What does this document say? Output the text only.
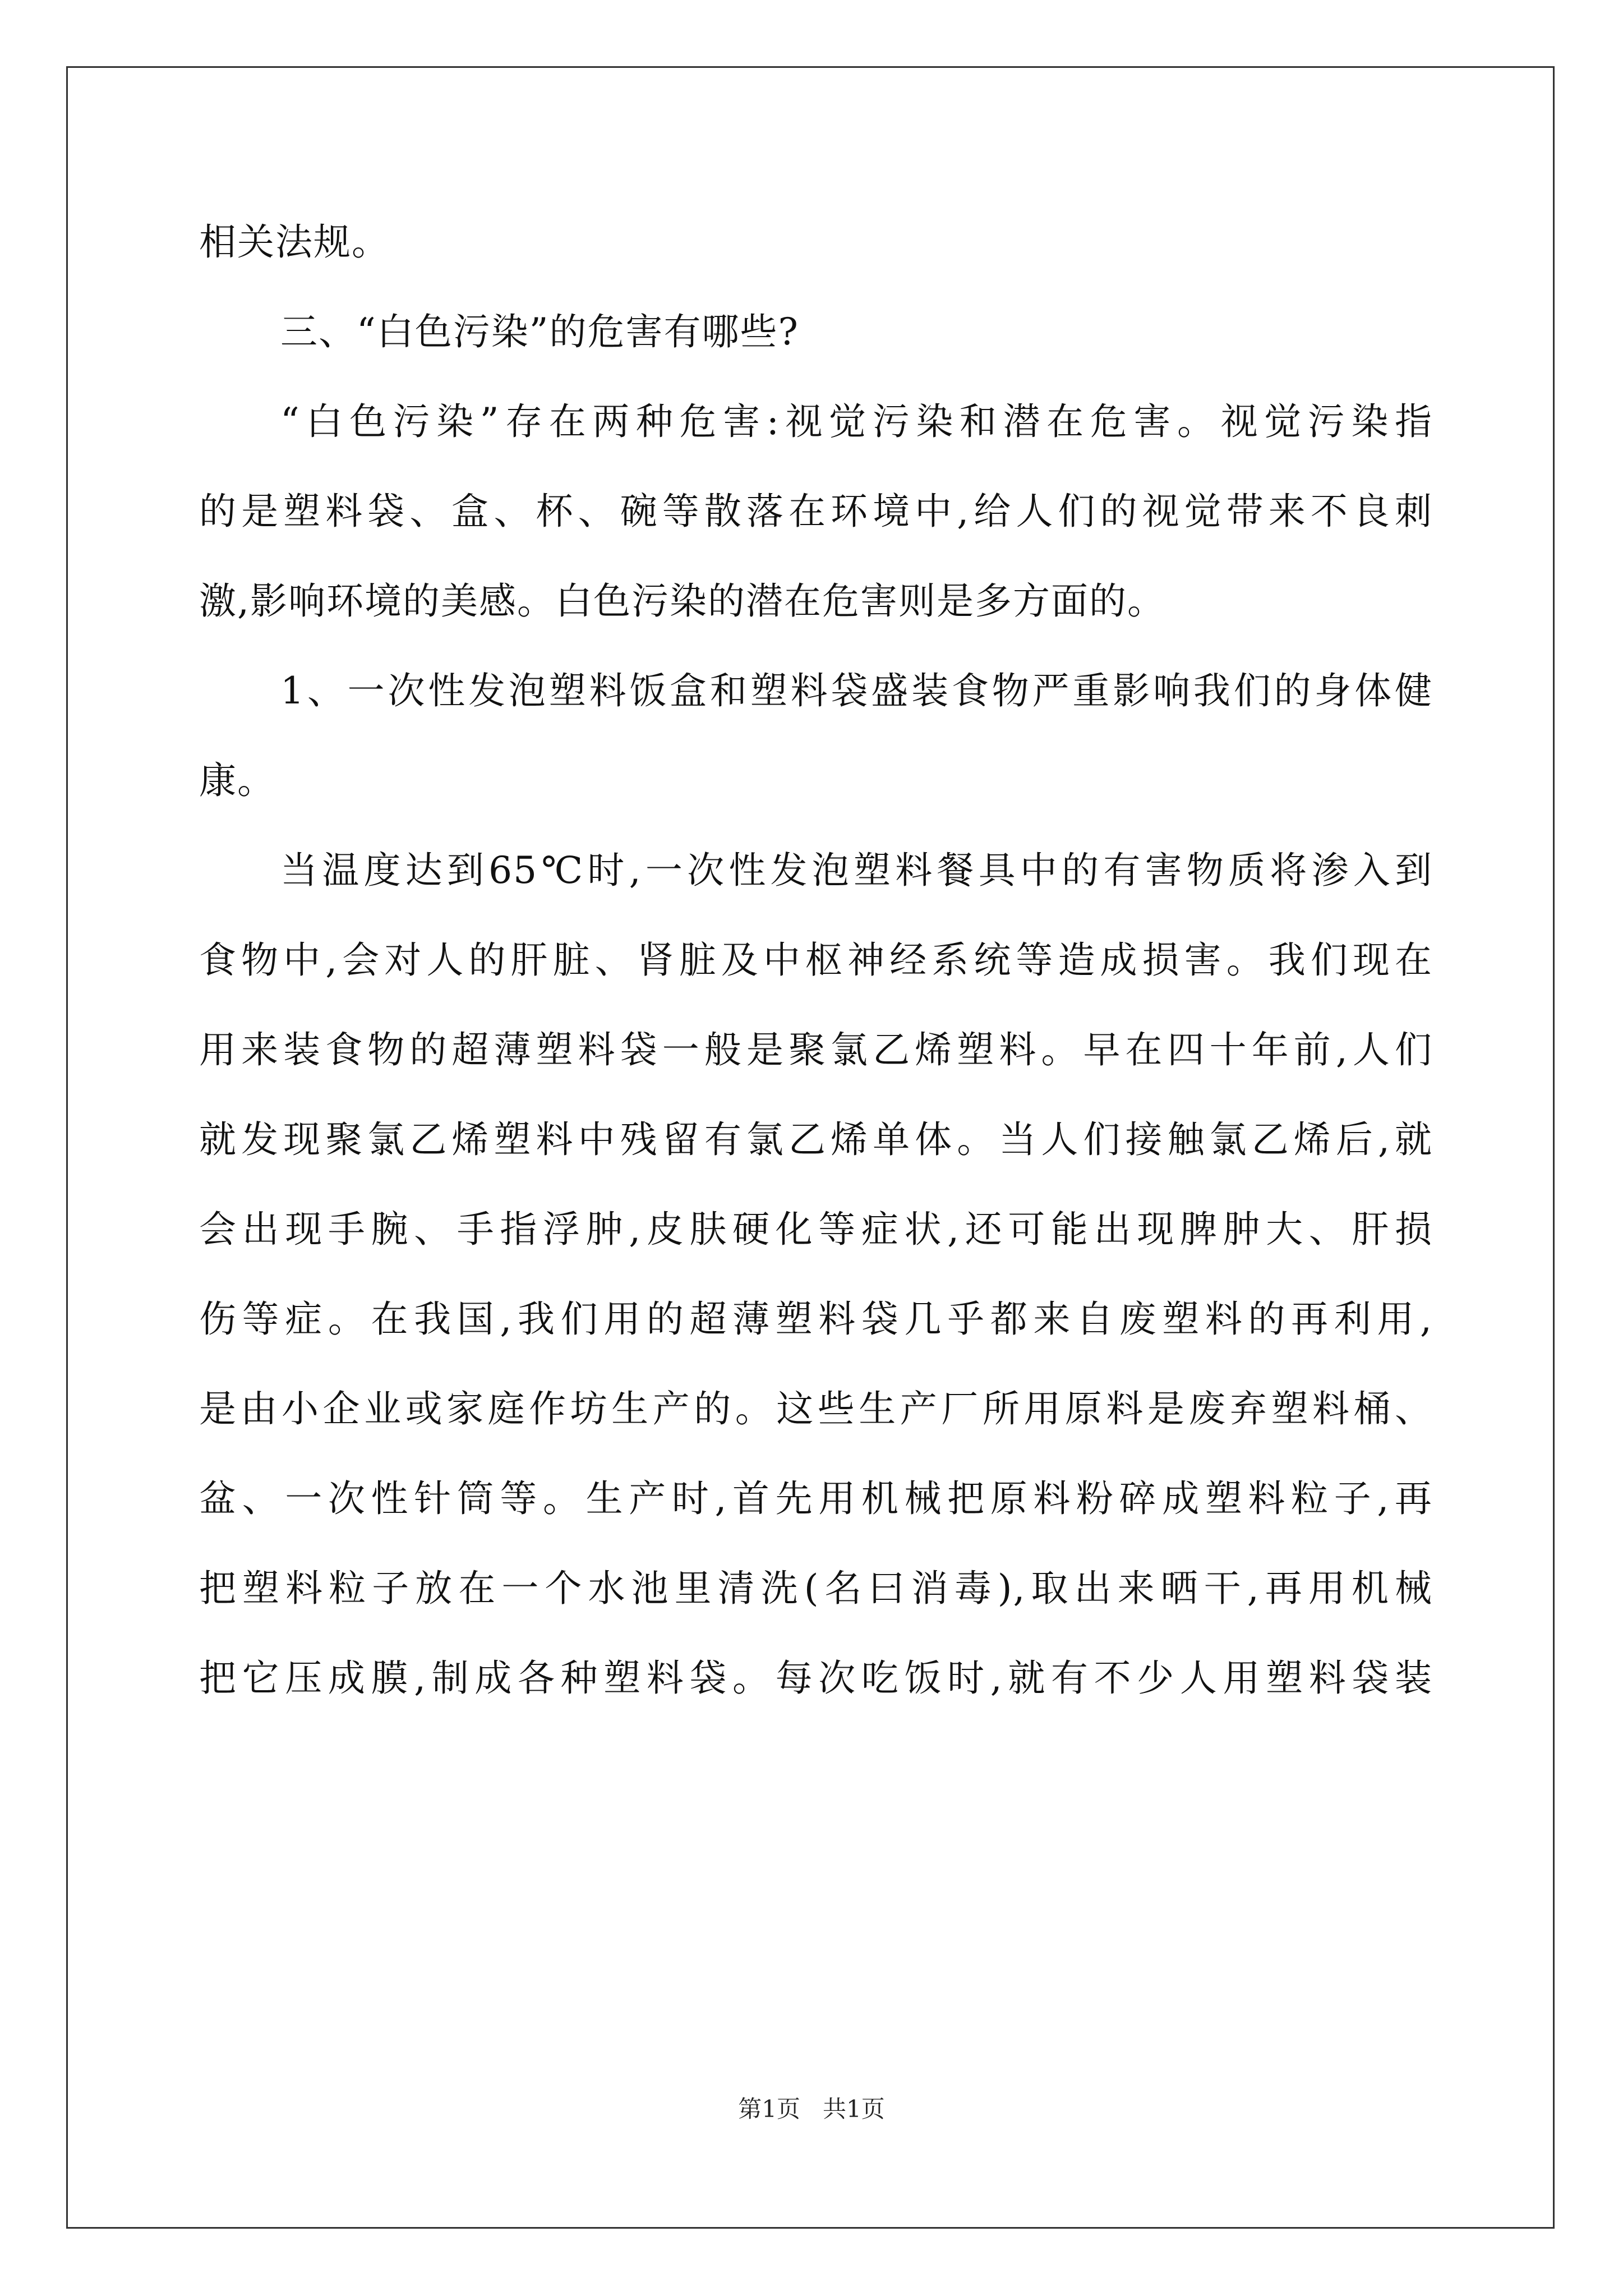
相关法规。
三、“白色污染”的危害有哪些?
“白色污染”存在两种危害:视觉污染和潜在危害。视觉污染指
的是塑料袋、盒、杯、碗等散落在环境中,给人们的视觉带来不良刺
激,影响环境的美感。白色污染的潜在危害则是多方面的。
1、一次性发泡塑料饭盒和塑料袋盛装食物严重影响我们的身体健
康。
当温度达到65℃时,一次性发泡塑料餐具中的有害物质将渗入到
食物中,会对人的肝脏、肾脏及中枢神经系统等造成损害。我们现在
用来装食物的超薄塑料袋一般是聚氯乙烯塑料。早在四十年前,人们
就发现聚氯乙烯塑料中残留有氯乙烯单体。当人们接触氯乙烯后,就
会出现手腕、手指浮肿,皮肤硬化等症状,还可能出现脾肿大、肝损
伤等症。在我国,我们用的超薄塑料袋几乎都来自废塑料的再利用,
是由小企业或家庭作坊生产的。这些生产厂所用原料是废弃塑料桶、
盆、一次性针筒等。生产时,首先用机械把原料粉碎成塑料粒子,再
把塑料粒子放在一个水池里清洗(名曰消毒),取出来晒干,再用机械
把它压成膜,制成各种塑料袋。每次吃饭时,就有不少人用塑料袋装
第1页   共1页
